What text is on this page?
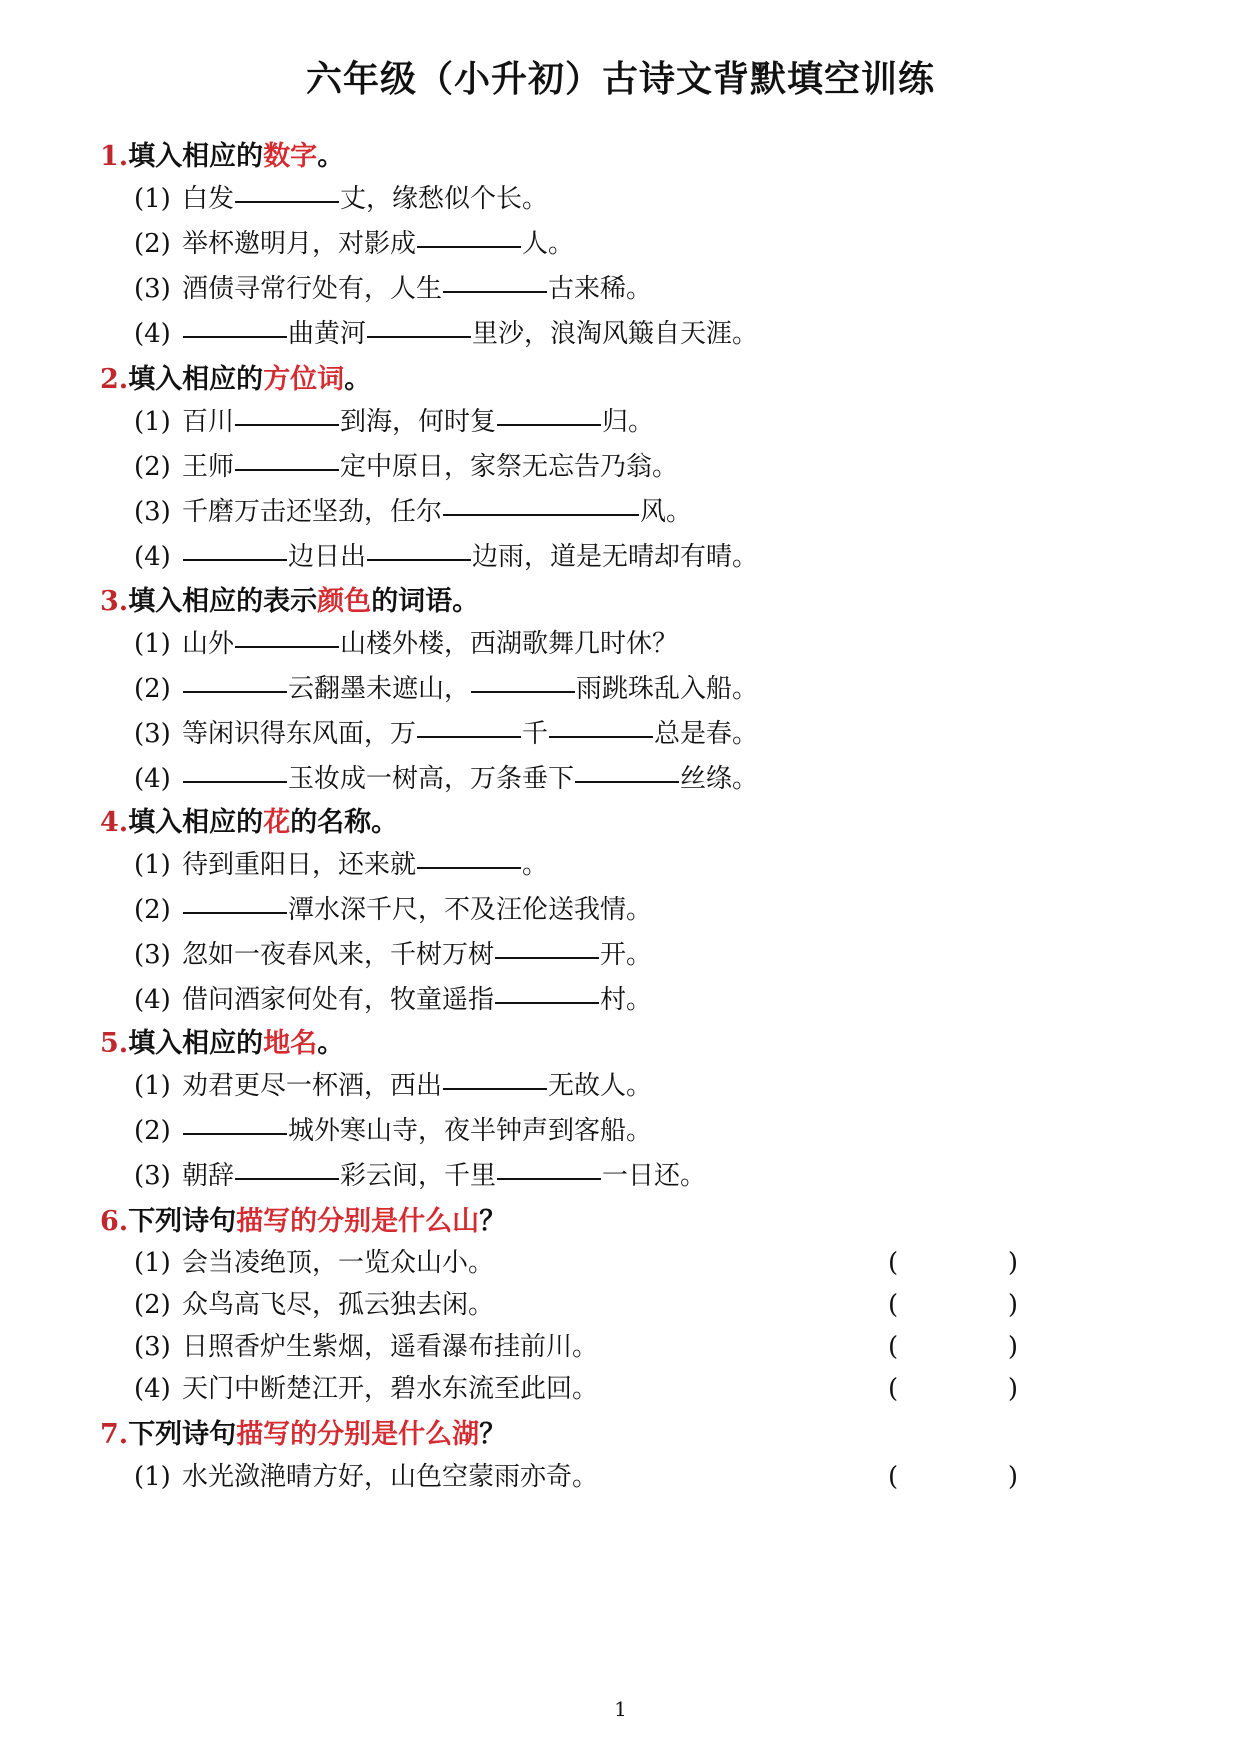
六年级（小升初）古诗文背默填空训练
1.填入相应的数字。
(1) 白发	丈，缘愁似个长。
(2) 举杯邀明月，对影成	人。
(3) 酒债寻常行处有，人生	古来稀。
(4)	曲黄河	里沙，浪淘风簸自天涯。
2.填入相应的方位词。
(1) 百川	到海，何时复	归。
(2) 王师	定中原日，家祭无忘告乃翁。
(3) 千磨万击还坚劲，任尔	风。
(4)	边日出	边雨，道是无晴却有晴。
3.填入相应的表示颜色的词语。
(1) 山外	山楼外楼，西湖歌舞几时休？
(2)	云翻墨未遮山，	雨跳珠乱入船。
(3) 等闲识得东风面，万	千	总是春。
(4)	玉妆成一树高，万条垂下	丝绦。
4.填入相应的花的名称。
(1) 待到重阳日，还来就	。
(2)	潭水深千尺，不及汪伦送我情。
(3) 忽如一夜春风来，千树万树	开。
(4) 借问酒家何处有，牧童遥指	村。
5.填入相应的地名。
(1) 劝君更尽一杯酒，西出	无故人。
(2)	城外寒山寺，夜半钟声到客船。
(3) 朝辞	彩云间，千里	一日还。
6.下列诗句描写的分别是什么山？
(1) 会当凌绝顶，一览众山小。	(	)
(2) 众鸟高飞尽，孤云独去闲。	(	)
(3) 日照香炉生紫烟，遥看瀑布挂前川。	(	)
(4) 天门中断楚江开，碧水东流至此回。	(	)
7.下列诗句描写的分别是什么湖？
(1) 水光潋滟晴方好，山色空蒙雨亦奇。	(	)
1
